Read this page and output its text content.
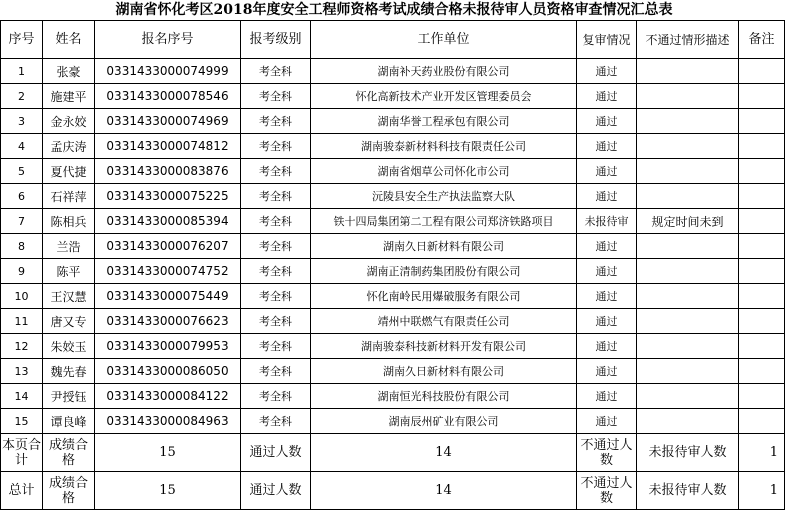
湖南省怀化考区2018年度安全工程师资格考试成绩合格未报待审人员资格审查情况汇总表
序号	姓名	报名序号	报考级别	工作单位	复审情况	不通过情形描述	备注
1	张豪	0331433000074999	考全科	湖南补天药业股份有限公司	通过		
2	施建平	0331433000078546	考全科	怀化高新技术产业开发区管理委员会	通过		
3	金永姣	0331433000074969	考全科	湖南华誉工程承包有限公司	通过		
4	孟庆涛	0331433000074812	考全科	湖南骏泰新材料科技有限责任公司	通过		
5	夏代捷	0331433000083876	考全科	湖南省烟草公司怀化市公司	通过		
6	石祥萍	0331433000075225	考全科	沅陵县安全生产执法监察大队	通过		
7	陈相兵	0331433000085394	考全科	铁十四局集团第二工程有限公司郑济铁路项目	未报待审	规定时间未到	
8	兰浩	0331433000076207	考全科	湖南久日新材料有限公司	通过		
9	陈平	0331433000074752	考全科	湖南正清制药集团股份有限公司	通过		
10	王汉慧	0331433000075449	考全科	怀化南岭民用爆破服务有限公司	通过		
11	唐又专	0331433000076623	考全科	靖州中联燃气有限责任公司	通过		
12	朱姣玉	0331433000079953	考全科	湖南骏泰科技新材料开发有限公司	通过		
13	魏先春	0331433000086050	考全科	湖南久日新材料有限公司	通过		
14	尹授钰	0331433000084122	考全科	湖南恒光科技股份有限公司	通过		
15	谭良峰	0331433000084963	考全科	湖南辰州矿业有限公司	通过		
本页合计	成绩合格	15	通过人数	14	不通过人数	未报待审人数	1
总计	成绩合格	15	通过人数	14	不通过人数	未报待审人数	1
